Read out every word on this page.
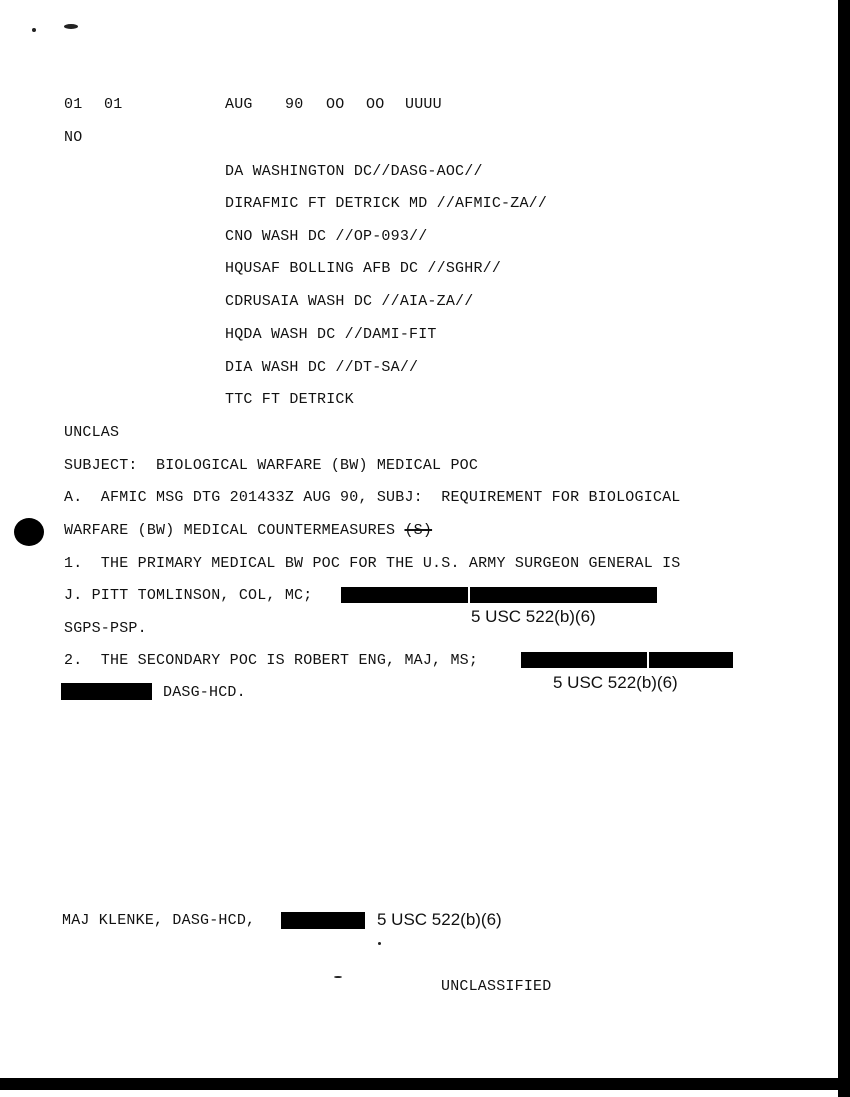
01 01	AUG 90 OO OO UUUU
NO
DA WASHINGTON DC//DASG-AOC//
DIRAFMIC FT DETRICK MD //AFMIC-ZA//
CNO WASH DC //OP-093//
HQUSAF BOLLING AFB DC //SGHR//
CDRUSAIA WASH DC //AIA-ZA//
HQDA WASH DC //DAMI-FIT
DIA WASH DC //DT-SA//
TTC FT DETRICK
UNCLAS
SUBJECT:  BIOLOGICAL WARFARE (BW) MEDICAL POC
A.  AFMIC MSG DTG 201433Z AUG 90, SUBJ:  REQUIREMENT FOR BIOLOGICAL
WARFARE (BW) MEDICAL COUNTERMEASURES (S)
1.  THE PRIMARY MEDICAL BW POC FOR THE U.S. ARMY SURGEON GENERAL IS
J. PITT TOMLINSON, COL, MC;
5 USC 522(b)(6)
SGPS-PSP.
2.  THE SECONDARY POC IS ROBERT ENG, MAJ, MS;
DASG-HCD.
5 USC 522(b)(6)
MAJ KLENKE, DASG-HCD,	5 USC 522(b)(6)
UNCLASSIFIED
